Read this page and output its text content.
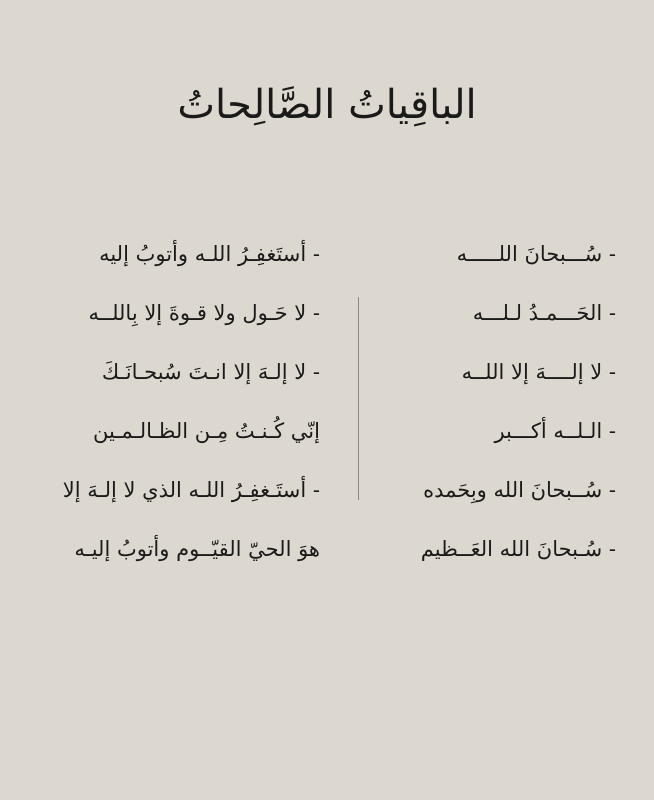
الباقِياتُ الصَّالِحاتُ
- سُـــبحانَ اللـــــه
- الحَـــمـدُ لـلـــه
- لا إلــــهَ إلا اللــه
- الـلــه أكـــبر
- سُــبحانَ الله وبِحَمده
- سُـبحانَ الله العَــظيم
- أستَغفِـرُ اللـه وأتوبُ إليه
- لا حَـول ولا قـوةَ إلا بِاللــه
- لا إلـهَ إلا انـتَ سُبحـانَـكَ
إنّي كُـنـتُ مِـن الظـالـمـين
- أستَـغفِـرُ اللـه الذي لا إلـهَ إلا
هوَ الحيّ القيّــوم وأتوبُ إليـه
